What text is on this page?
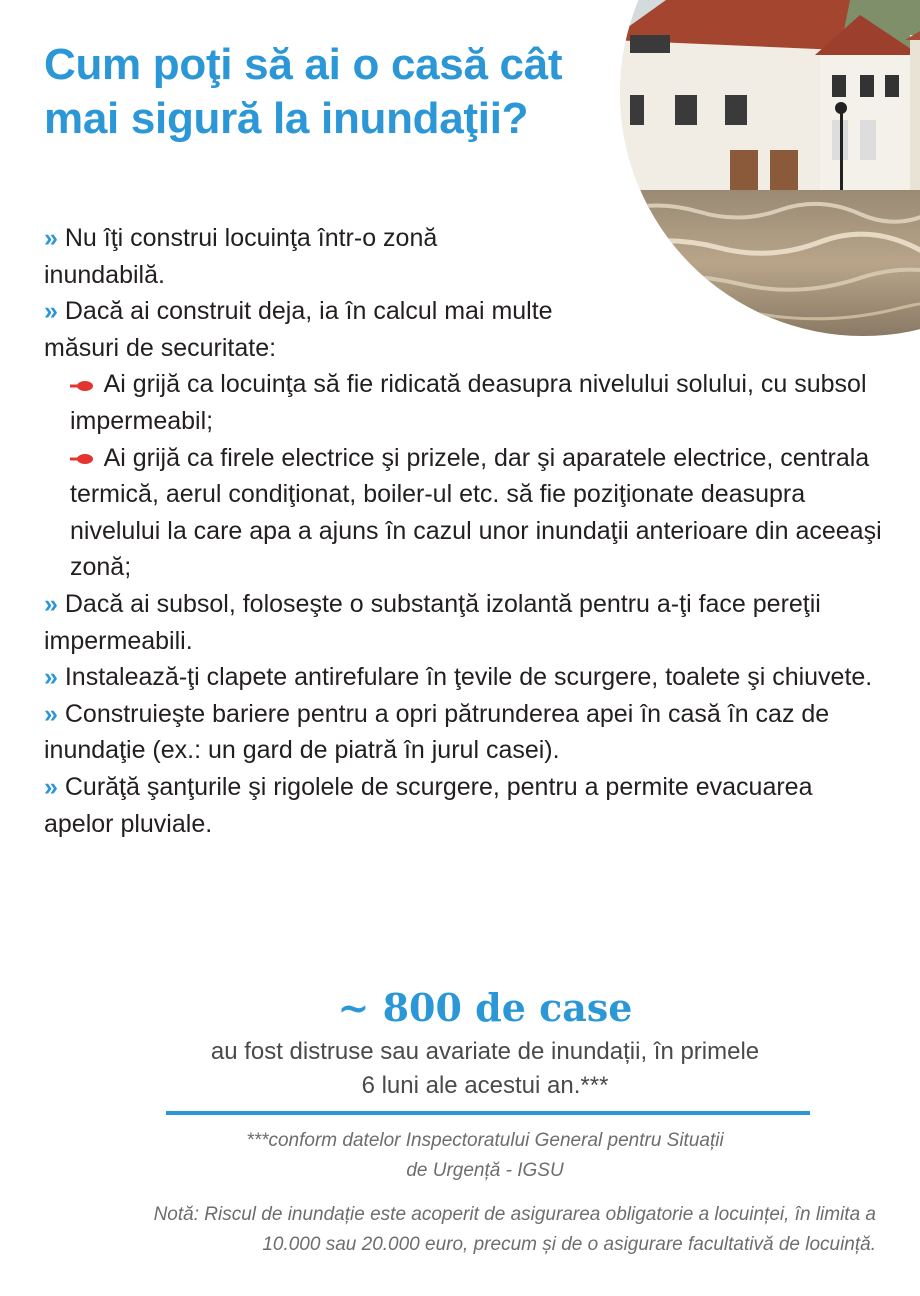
Cum poţi să ai o casă cât mai sigură la inundaţii?

» Nu îţi construi locuinţa într-o zonă inundabilă.

» Dacă ai construit deja, ia în calcul mai multe măsuri de securitate:

Ai grijă ca locuinţa să fie ridicată deasupra nivelului solului, cu subsol impermeabil;

Ai grijă ca firele electrice şi prizele, dar şi aparatele electrice, centrala termică, aerul condiţionat, boiler-ul etc. să fie poziţionate deasupra nivelului la care apa a ajuns în cazul unor inundaţii anterioare din aceeaşi zonă;

» Dacă ai subsol, foloseşte o substanţă izolantă pentru a-ţi face pereţii impermeabili.

» Instalează-ţi clapete antirefulare în ţevile de scurgere, toalete şi chiuvete.

» Construieşte bariere pentru a opri pătrunderea apei în casă în caz de inundaţie (ex.: un gard de piatră în jurul casei).

» Curăţă şanţurile şi rigolele de scurgere, pentru a permite evacuarea apelor pluviale.

~ 800 de case
au fost distruse sau avariate de inundații, în primele
6 luni ale acestui an.***
***conform datelor Inspectoratului General pentru Situații
de Urgență - IGSU
Notă: Riscul de inundație este acoperit de asigurarea obligatorie a locuinței, în limita a
10.000 sau 20.000 euro, precum și de o asigurare facultativă de locuință.
